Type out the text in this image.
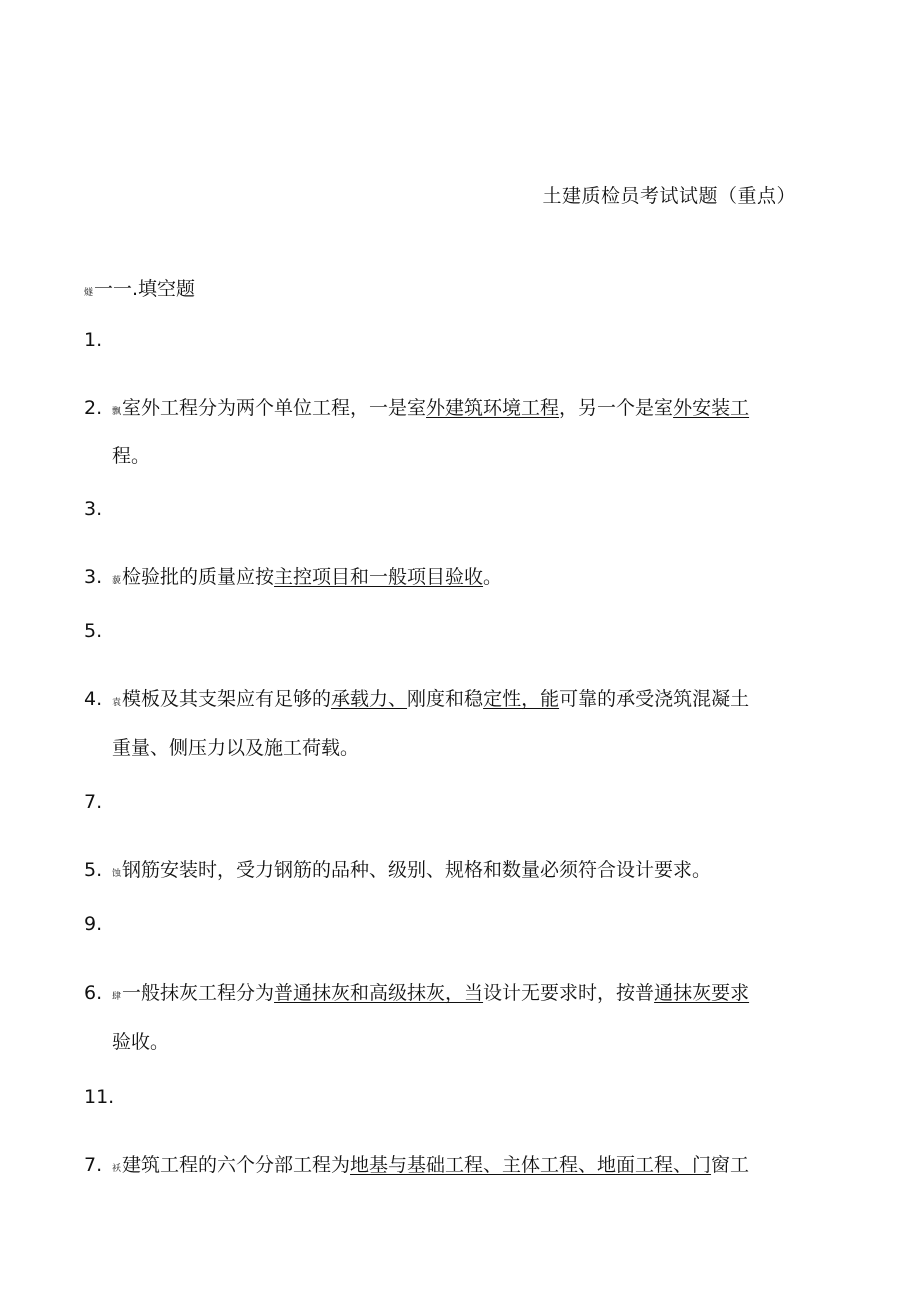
土建质检员考试试题（重点）
燧一一.填空题
1.
2. 飘室外工程分为两个单位工程，一是室外建筑环境工程，另一个是室外安装工
程。
3.
3. 藐检验批的质量应按主控项目和一般项目验收。
5.
4. 袁模板及其支架应有足够的承载力、刚度和稳定性，能可靠的承受浇筑混凝土
重量、侧压力以及施工荷载。
7.
5. 蚀钢筋安装时，受力钢筋的品种、级别、规格和数量必须符合设计要求。
9.
6. 肆一般抹灰工程分为普通抹灰和高级抹灰，当设计无要求时，按普通抹灰要求
验收。
11.
7. 袄建筑工程的六个分部工程为地基与基础工程、主体工程、地面工程、门窗工
